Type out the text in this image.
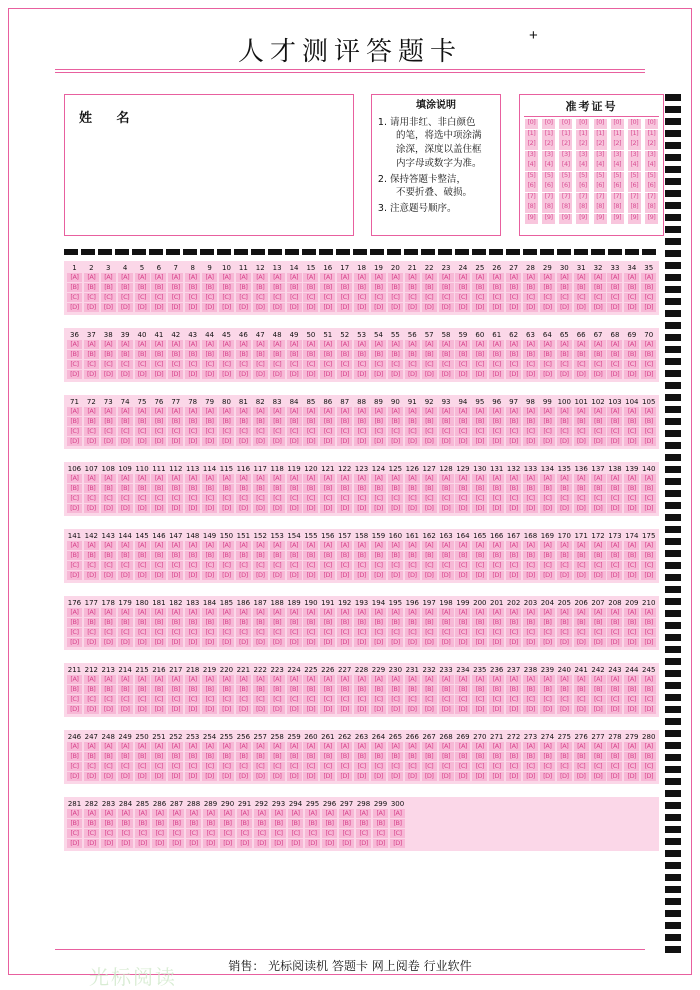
+
人才测评答题卡
姓 名
填涂说明
1. 请用非红、非白颜色
的笔，将选中项涂满
涂深，深度以盖住框
内字母或数字为准。
2. 保持答题卡整洁，
不要折叠、破损。
3. 注意题号顺序。
准考证号
[0]
[1]
[2]
[3]
[4]
[5]
[6]
[7]
[8]
[9]
[0]
[1]
[2]
[3]
[4]
[5]
[6]
[7]
[8]
[9]
[0]
[1]
[2]
[3]
[4]
[5]
[6]
[7]
[8]
[9]
[0]
[1]
[2]
[3]
[4]
[5]
[6]
[7]
[8]
[9]
[0]
[1]
[2]
[3]
[4]
[5]
[6]
[7]
[8]
[9]
[0]
[1]
[2]
[3]
[4]
[5]
[6]
[7]
[8]
[9]
[0]
[1]
[2]
[3]
[4]
[5]
[6]
[7]
[8]
[9]
[0]
[1]
[2]
[3]
[4]
[5]
[6]
[7]
[8]
[9]
1
[A]
[B]
[C]
[D]
2
[A]
[B]
[C]
[D]
3
[A]
[B]
[C]
[D]
4
[A]
[B]
[C]
[D]
5
[A]
[B]
[C]
[D]
6
[A]
[B]
[C]
[D]
7
[A]
[B]
[C]
[D]
8
[A]
[B]
[C]
[D]
9
[A]
[B]
[C]
[D]
10
[A]
[B]
[C]
[D]
11
[A]
[B]
[C]
[D]
12
[A]
[B]
[C]
[D]
13
[A]
[B]
[C]
[D]
14
[A]
[B]
[C]
[D]
15
[A]
[B]
[C]
[D]
16
[A]
[B]
[C]
[D]
17
[A]
[B]
[C]
[D]
18
[A]
[B]
[C]
[D]
19
[A]
[B]
[C]
[D]
20
[A]
[B]
[C]
[D]
21
[A]
[B]
[C]
[D]
22
[A]
[B]
[C]
[D]
23
[A]
[B]
[C]
[D]
24
[A]
[B]
[C]
[D]
25
[A]
[B]
[C]
[D]
26
[A]
[B]
[C]
[D]
27
[A]
[B]
[C]
[D]
28
[A]
[B]
[C]
[D]
29
[A]
[B]
[C]
[D]
30
[A]
[B]
[C]
[D]
31
[A]
[B]
[C]
[D]
32
[A]
[B]
[C]
[D]
33
[A]
[B]
[C]
[D]
34
[A]
[B]
[C]
[D]
35
[A]
[B]
[C]
[D]
36
[A]
[B]
[C]
[D]
37
[A]
[B]
[C]
[D]
38
[A]
[B]
[C]
[D]
39
[A]
[B]
[C]
[D]
40
[A]
[B]
[C]
[D]
41
[A]
[B]
[C]
[D]
42
[A]
[B]
[C]
[D]
43
[A]
[B]
[C]
[D]
44
[A]
[B]
[C]
[D]
45
[A]
[B]
[C]
[D]
46
[A]
[B]
[C]
[D]
47
[A]
[B]
[C]
[D]
48
[A]
[B]
[C]
[D]
49
[A]
[B]
[C]
[D]
50
[A]
[B]
[C]
[D]
51
[A]
[B]
[C]
[D]
52
[A]
[B]
[C]
[D]
53
[A]
[B]
[C]
[D]
54
[A]
[B]
[C]
[D]
55
[A]
[B]
[C]
[D]
56
[A]
[B]
[C]
[D]
57
[A]
[B]
[C]
[D]
58
[A]
[B]
[C]
[D]
59
[A]
[B]
[C]
[D]
60
[A]
[B]
[C]
[D]
61
[A]
[B]
[C]
[D]
62
[A]
[B]
[C]
[D]
63
[A]
[B]
[C]
[D]
64
[A]
[B]
[C]
[D]
65
[A]
[B]
[C]
[D]
66
[A]
[B]
[C]
[D]
67
[A]
[B]
[C]
[D]
68
[A]
[B]
[C]
[D]
69
[A]
[B]
[C]
[D]
70
[A]
[B]
[C]
[D]
71
[A]
[B]
[C]
[D]
72
[A]
[B]
[C]
[D]
73
[A]
[B]
[C]
[D]
74
[A]
[B]
[C]
[D]
75
[A]
[B]
[C]
[D]
76
[A]
[B]
[C]
[D]
77
[A]
[B]
[C]
[D]
78
[A]
[B]
[C]
[D]
79
[A]
[B]
[C]
[D]
80
[A]
[B]
[C]
[D]
81
[A]
[B]
[C]
[D]
82
[A]
[B]
[C]
[D]
83
[A]
[B]
[C]
[D]
84
[A]
[B]
[C]
[D]
85
[A]
[B]
[C]
[D]
86
[A]
[B]
[C]
[D]
87
[A]
[B]
[C]
[D]
88
[A]
[B]
[C]
[D]
89
[A]
[B]
[C]
[D]
90
[A]
[B]
[C]
[D]
91
[A]
[B]
[C]
[D]
92
[A]
[B]
[C]
[D]
93
[A]
[B]
[C]
[D]
94
[A]
[B]
[C]
[D]
95
[A]
[B]
[C]
[D]
96
[A]
[B]
[C]
[D]
97
[A]
[B]
[C]
[D]
98
[A]
[B]
[C]
[D]
99
[A]
[B]
[C]
[D]
100
[A]
[B]
[C]
[D]
101
[A]
[B]
[C]
[D]
102
[A]
[B]
[C]
[D]
103
[A]
[B]
[C]
[D]
104
[A]
[B]
[C]
[D]
105
[A]
[B]
[C]
[D]
106
[A]
[B]
[C]
[D]
107
[A]
[B]
[C]
[D]
108
[A]
[B]
[C]
[D]
109
[A]
[B]
[C]
[D]
110
[A]
[B]
[C]
[D]
111
[A]
[B]
[C]
[D]
112
[A]
[B]
[C]
[D]
113
[A]
[B]
[C]
[D]
114
[A]
[B]
[C]
[D]
115
[A]
[B]
[C]
[D]
116
[A]
[B]
[C]
[D]
117
[A]
[B]
[C]
[D]
118
[A]
[B]
[C]
[D]
119
[A]
[B]
[C]
[D]
120
[A]
[B]
[C]
[D]
121
[A]
[B]
[C]
[D]
122
[A]
[B]
[C]
[D]
123
[A]
[B]
[C]
[D]
124
[A]
[B]
[C]
[D]
125
[A]
[B]
[C]
[D]
126
[A]
[B]
[C]
[D]
127
[A]
[B]
[C]
[D]
128
[A]
[B]
[C]
[D]
129
[A]
[B]
[C]
[D]
130
[A]
[B]
[C]
[D]
131
[A]
[B]
[C]
[D]
132
[A]
[B]
[C]
[D]
133
[A]
[B]
[C]
[D]
134
[A]
[B]
[C]
[D]
135
[A]
[B]
[C]
[D]
136
[A]
[B]
[C]
[D]
137
[A]
[B]
[C]
[D]
138
[A]
[B]
[C]
[D]
139
[A]
[B]
[C]
[D]
140
[A]
[B]
[C]
[D]
141
[A]
[B]
[C]
[D]
142
[A]
[B]
[C]
[D]
143
[A]
[B]
[C]
[D]
144
[A]
[B]
[C]
[D]
145
[A]
[B]
[C]
[D]
146
[A]
[B]
[C]
[D]
147
[A]
[B]
[C]
[D]
148
[A]
[B]
[C]
[D]
149
[A]
[B]
[C]
[D]
150
[A]
[B]
[C]
[D]
151
[A]
[B]
[C]
[D]
152
[A]
[B]
[C]
[D]
153
[A]
[B]
[C]
[D]
154
[A]
[B]
[C]
[D]
155
[A]
[B]
[C]
[D]
156
[A]
[B]
[C]
[D]
157
[A]
[B]
[C]
[D]
158
[A]
[B]
[C]
[D]
159
[A]
[B]
[C]
[D]
160
[A]
[B]
[C]
[D]
161
[A]
[B]
[C]
[D]
162
[A]
[B]
[C]
[D]
163
[A]
[B]
[C]
[D]
164
[A]
[B]
[C]
[D]
165
[A]
[B]
[C]
[D]
166
[A]
[B]
[C]
[D]
167
[A]
[B]
[C]
[D]
168
[A]
[B]
[C]
[D]
169
[A]
[B]
[C]
[D]
170
[A]
[B]
[C]
[D]
171
[A]
[B]
[C]
[D]
172
[A]
[B]
[C]
[D]
173
[A]
[B]
[C]
[D]
174
[A]
[B]
[C]
[D]
175
[A]
[B]
[C]
[D]
176
[A]
[B]
[C]
[D]
177
[A]
[B]
[C]
[D]
178
[A]
[B]
[C]
[D]
179
[A]
[B]
[C]
[D]
180
[A]
[B]
[C]
[D]
181
[A]
[B]
[C]
[D]
182
[A]
[B]
[C]
[D]
183
[A]
[B]
[C]
[D]
184
[A]
[B]
[C]
[D]
185
[A]
[B]
[C]
[D]
186
[A]
[B]
[C]
[D]
187
[A]
[B]
[C]
[D]
188
[A]
[B]
[C]
[D]
189
[A]
[B]
[C]
[D]
190
[A]
[B]
[C]
[D]
191
[A]
[B]
[C]
[D]
192
[A]
[B]
[C]
[D]
193
[A]
[B]
[C]
[D]
194
[A]
[B]
[C]
[D]
195
[A]
[B]
[C]
[D]
196
[A]
[B]
[C]
[D]
197
[A]
[B]
[C]
[D]
198
[A]
[B]
[C]
[D]
199
[A]
[B]
[C]
[D]
200
[A]
[B]
[C]
[D]
201
[A]
[B]
[C]
[D]
202
[A]
[B]
[C]
[D]
203
[A]
[B]
[C]
[D]
204
[A]
[B]
[C]
[D]
205
[A]
[B]
[C]
[D]
206
[A]
[B]
[C]
[D]
207
[A]
[B]
[C]
[D]
208
[A]
[B]
[C]
[D]
209
[A]
[B]
[C]
[D]
210
[A]
[B]
[C]
[D]
211
[A]
[B]
[C]
[D]
212
[A]
[B]
[C]
[D]
213
[A]
[B]
[C]
[D]
214
[A]
[B]
[C]
[D]
215
[A]
[B]
[C]
[D]
216
[A]
[B]
[C]
[D]
217
[A]
[B]
[C]
[D]
218
[A]
[B]
[C]
[D]
219
[A]
[B]
[C]
[D]
220
[A]
[B]
[C]
[D]
221
[A]
[B]
[C]
[D]
222
[A]
[B]
[C]
[D]
223
[A]
[B]
[C]
[D]
224
[A]
[B]
[C]
[D]
225
[A]
[B]
[C]
[D]
226
[A]
[B]
[C]
[D]
227
[A]
[B]
[C]
[D]
228
[A]
[B]
[C]
[D]
229
[A]
[B]
[C]
[D]
230
[A]
[B]
[C]
[D]
231
[A]
[B]
[C]
[D]
232
[A]
[B]
[C]
[D]
233
[A]
[B]
[C]
[D]
234
[A]
[B]
[C]
[D]
235
[A]
[B]
[C]
[D]
236
[A]
[B]
[C]
[D]
237
[A]
[B]
[C]
[D]
238
[A]
[B]
[C]
[D]
239
[A]
[B]
[C]
[D]
240
[A]
[B]
[C]
[D]
241
[A]
[B]
[C]
[D]
242
[A]
[B]
[C]
[D]
243
[A]
[B]
[C]
[D]
244
[A]
[B]
[C]
[D]
245
[A]
[B]
[C]
[D]
246
[A]
[B]
[C]
[D]
247
[A]
[B]
[C]
[D]
248
[A]
[B]
[C]
[D]
249
[A]
[B]
[C]
[D]
250
[A]
[B]
[C]
[D]
251
[A]
[B]
[C]
[D]
252
[A]
[B]
[C]
[D]
253
[A]
[B]
[C]
[D]
254
[A]
[B]
[C]
[D]
255
[A]
[B]
[C]
[D]
256
[A]
[B]
[C]
[D]
257
[A]
[B]
[C]
[D]
258
[A]
[B]
[C]
[D]
259
[A]
[B]
[C]
[D]
260
[A]
[B]
[C]
[D]
261
[A]
[B]
[C]
[D]
262
[A]
[B]
[C]
[D]
263
[A]
[B]
[C]
[D]
264
[A]
[B]
[C]
[D]
265
[A]
[B]
[C]
[D]
266
[A]
[B]
[C]
[D]
267
[A]
[B]
[C]
[D]
268
[A]
[B]
[C]
[D]
269
[A]
[B]
[C]
[D]
270
[A]
[B]
[C]
[D]
271
[A]
[B]
[C]
[D]
272
[A]
[B]
[C]
[D]
273
[A]
[B]
[C]
[D]
274
[A]
[B]
[C]
[D]
275
[A]
[B]
[C]
[D]
276
[A]
[B]
[C]
[D]
277
[A]
[B]
[C]
[D]
278
[A]
[B]
[C]
[D]
279
[A]
[B]
[C]
[D]
280
[A]
[B]
[C]
[D]
281
[A]
[B]
[C]
[D]
282
[A]
[B]
[C]
[D]
283
[A]
[B]
[C]
[D]
284
[A]
[B]
[C]
[D]
285
[A]
[B]
[C]
[D]
286
[A]
[B]
[C]
[D]
287
[A]
[B]
[C]
[D]
288
[A]
[B]
[C]
[D]
289
[A]
[B]
[C]
[D]
290
[A]
[B]
[C]
[D]
291
[A]
[B]
[C]
[D]
292
[A]
[B]
[C]
[D]
293
[A]
[B]
[C]
[D]
294
[A]
[B]
[C]
[D]
295
[A]
[B]
[C]
[D]
296
[A]
[B]
[C]
[D]
297
[A]
[B]
[C]
[D]
298
[A]
[B]
[C]
[D]
299
[A]
[B]
[C]
[D]
300
[A]
[B]
[C]
[D]
光标阅读	销售： 光标阅读机 答题卡 网上阅卷 行业软件
